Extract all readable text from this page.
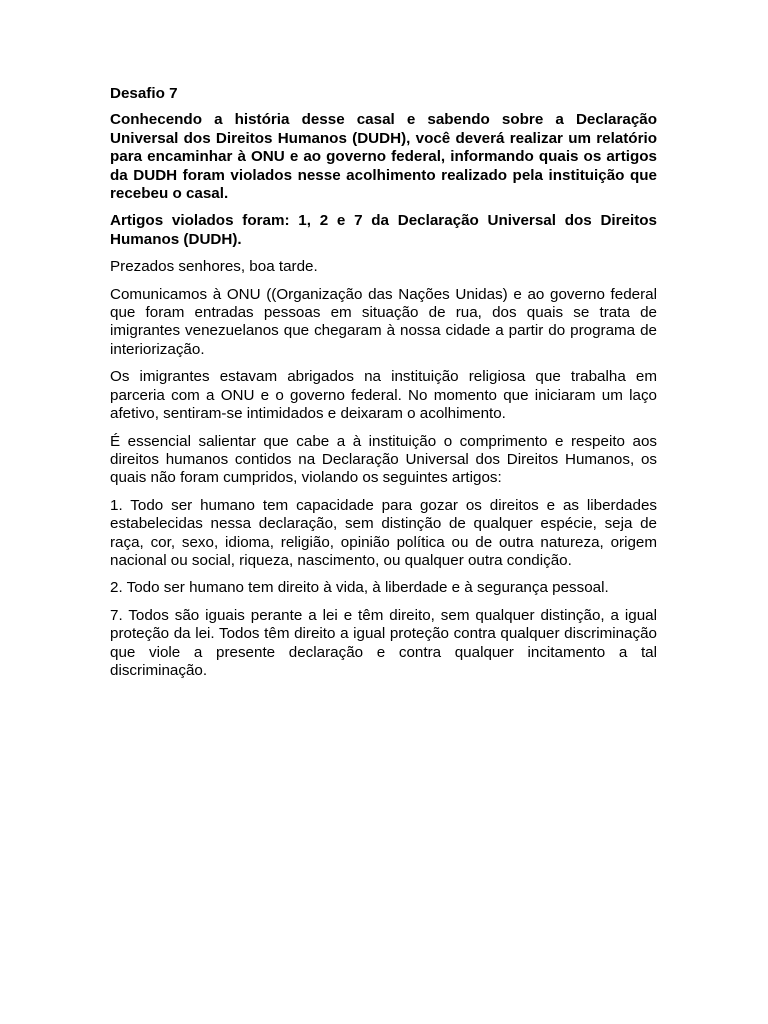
Desafio 7

Conhecendo a história desse casal e sabendo sobre a Declaração Universal dos Direitos Humanos (DUDH), você deverá realizar um relatório para encaminhar à ONU e ao governo federal, informando quais os artigos da DUDH foram violados nesse acolhimento realizado pela instituição que recebeu o casal.

Artigos violados foram: 1, 2 e 7 da Declaração Universal dos Direitos Humanos (DUDH).

Prezados senhores, boa tarde.

Comunicamos à ONU ((Organização das Nações Unidas) e ao governo federal que foram entradas pessoas em situação de rua, dos quais se trata de imigrantes venezuelanos que chegaram à nossa cidade a partir do programa de interiorização.

Os imigrantes estavam abrigados na instituição religiosa que trabalha em parceria com a ONU e o governo federal. No momento que iniciaram um laço afetivo, sentiram-se intimidados e deixaram o acolhimento.

É essencial salientar que cabe a à instituição o comprimento e respeito aos direitos humanos contidos na Declaração Universal dos Direitos Humanos, os quais não foram cumpridos, violando os seguintes artigos:

1. Todo ser humano tem capacidade para gozar os direitos e as liberdades estabelecidas nessa declaração, sem distinção de qualquer espécie, seja de raça, cor, sexo, idioma, religião, opinião política ou de outra natureza, origem nacional ou social, riqueza, nascimento, ou qualquer outra condição.

2. Todo ser humano tem direito à vida, à liberdade e à segurança pessoal.

7. Todos são iguais perante a lei e têm direito, sem qualquer distinção, a igual proteção da lei. Todos têm direito a igual proteção contra qualquer discriminação que viole a presente declaração e contra qualquer incitamento a tal discriminação.
